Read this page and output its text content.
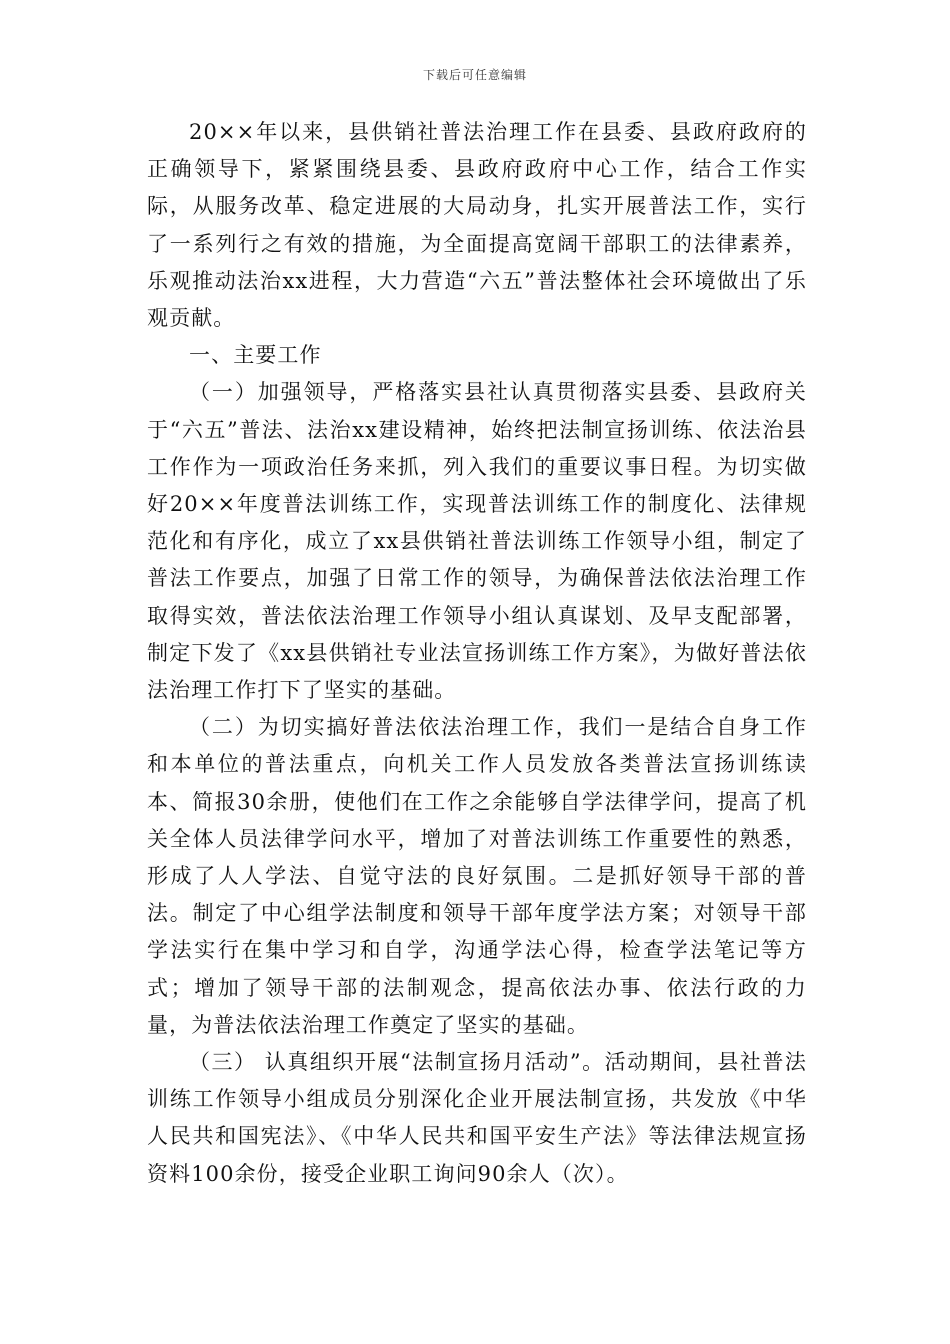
下载后可任意编辑

20××年以来，县供销社普法治理工作在县委、县政府政府的正确领导下，紧紧围绕县委、县政府政府中心工作，结合工作实际，从服务改革、稳定进展的大局动身，扎实开展普法工作，实行了一系列行之有效的措施，为全面提高宽阔干部职工的法律素养，乐观推动法治xx进程，大力营造“六五”普法整体社会环境做出了乐观贡献。

一、主要工作

（一）加强领导，严格落实县社认真贯彻落实县委、县政府关于“六五”普法、法治xx建设精神，始终把法制宣扬训练、依法治县工作作为一项政治任务来抓，列入我们的重要议事日程。为切实做好20××年度普法训练工作，实现普法训练工作的制度化、法律规范化和有序化，成立了xx县供销社普法训练工作领导小组，制定了普法工作要点，加强了日常工作的领导，为确保普法依法治理工作取得实效，普法依法治理工作领导小组认真谋划、及早支配部署，制定下发了《xx县供销社专业法宣扬训练工作方案》，为做好普法依法治理工作打下了坚实的基础。

（二）为切实搞好普法依法治理工作，我们一是结合自身工作和本单位的普法重点，向机关工作人员发放各类普法宣扬训练读本、简报30余册，使他们在工作之余能够自学法律学问，提高了机关全体人员法律学问水平，增加了对普法训练工作重要性的熟悉，形成了人人学法、自觉守法的良好氛围。二是抓好领导干部的普法。制定了中心组学法制度和领导干部年度学法方案；对领导干部学法实行在集中学习和自学，沟通学法心得，检查学法笔记等方式；增加了领导干部的法制观念，提高依法办事、依法行政的力量，为普法依法治理工作奠定了坚实的基础。

（三） 认真组织开展“法制宣扬月活动”。活动期间，县社普法训练工作领导小组成员分别深化企业开展法制宣扬，共发放《中华人民共和国宪法》、《中华人民共和国平安生产法》等法律法规宣扬资料100余份，接受企业职工询问90余人（次）。
